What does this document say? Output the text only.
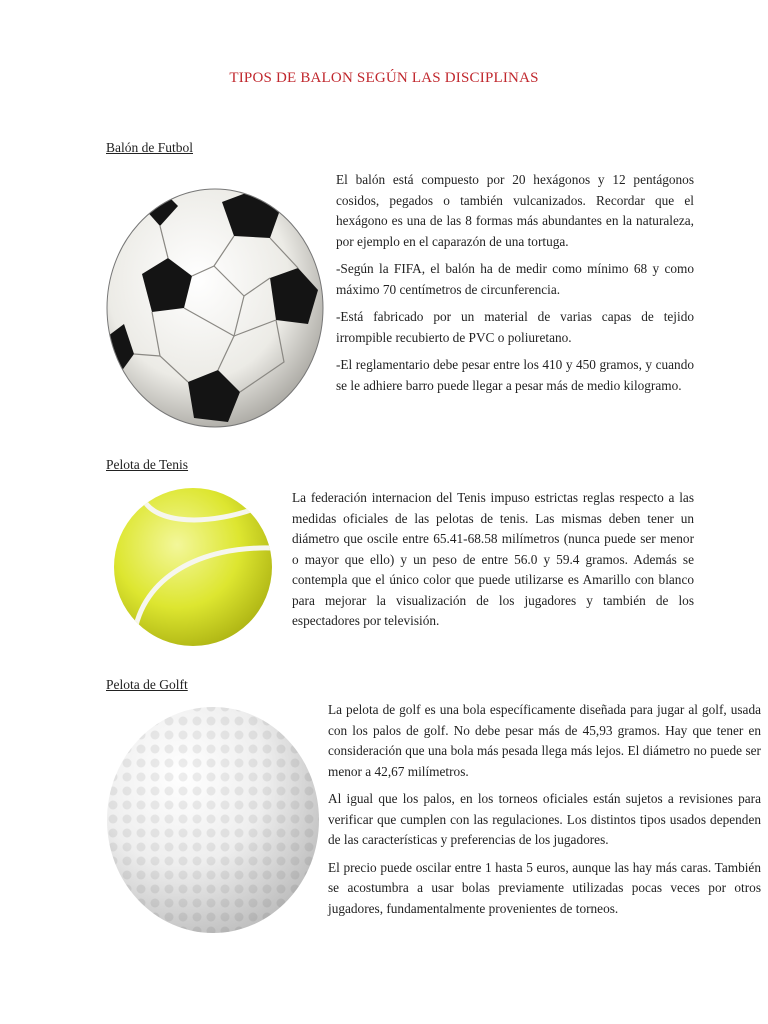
TIPOS DE BALON SEGÚN LAS DISCIPLINAS
Balón de Futbol

El balón está compuesto por 20 hexágonos y 12 pentágonos cosidos, pegados o también vulcanizados. Recordar que el hexágono es una de las 8 formas más abundantes en la naturaleza, por ejemplo en el caparazón de una tortuga.

-Según la FIFA, el balón ha de medir como mínimo 68 y como máximo 70 centímetros de circunferencia.

-Está fabricado por un material de varias capas de tejido irrompible recubierto de PVC o poliuretano.

-El reglamentario debe pesar entre los 410 y 450 gramos, y cuando se le adhiere barro puede llegar a pesar más de medio kilogramo.

Pelota de Tenis

La federación internacion del Tenis impuso estrictas reglas respecto a las medidas oficiales de las pelotas de tenis. Las mismas deben tener un diámetro que oscile entre 65.41-68.58 milímetros (nunca puede ser menor o mayor que ello) y un peso de entre 56.0 y 59.4 gramos. Además se contempla que el único color que puede utilizarse es Amarillo con blanco para mejorar la visualización de los jugadores y también de los espectadores por televisión.

Pelota de Golft

La pelota de golf es una bola específicamente diseñada para jugar al golf, usada con los palos de golf. No debe pesar más de 45,93 gramos. Hay que tener en consideración que una bola más pesada llega más lejos. El diámetro no puede ser menor a 42,67 milímetros.

Al igual que los palos, en los torneos oficiales están sujetos a revisiones para verificar que cumplen con las regulaciones. Los distintos tipos usados dependen de las características y preferencias de los jugadores.

El precio puede oscilar entre 1 hasta 5 euros, aunque las hay más caras. También se acostumbra a usar bolas previamente utilizadas pocas veces por otros jugadores, fundamentalmente provenientes de torneos.
